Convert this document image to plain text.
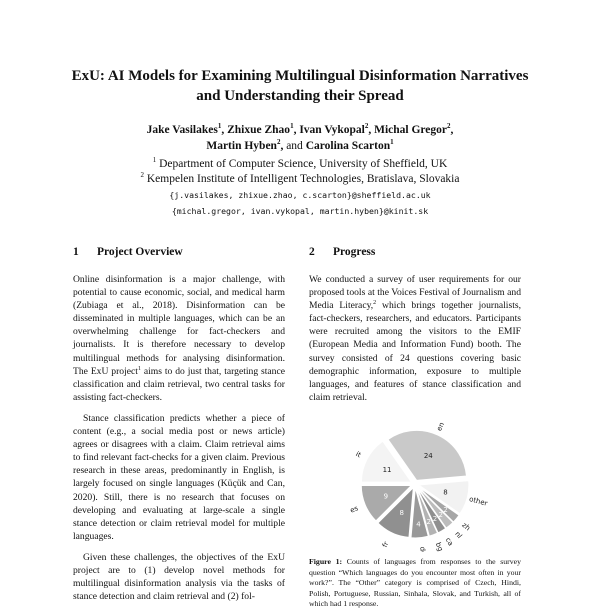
ExU: AI Models for Examining Multilingual Disinformation Narratives
and Understanding their Spread
Jake Vasilakes$^1$, Zhixue Zhao$^1$, Ivan Vykopal$^2$, Michal Gregor$^2$,
Martin Hyben$^2$, and Carolina Scarton$^1$
$^1$ Department of Computer Science, University of Sheffield, UK
$^2$ Kempelen Institute of Intelligent Technologies, Bratislava, Slovakia
{j.vasilakes, zhixue.zhao, c.scarton}@sheffield.ac.uk
{michal.gregor, ivan.vykopal, martin.hyben}@kinit.sk
1 Project Overview

Online disinformation is a major challenge, with potential to cause economic, social, and medical harm (Zubiaga et al., 2018). Disinformation can be disseminated in multiple languages, which can be an overwhelming challenge for fact-checkers and journalists. It is therefore necessary to develop multilingual methods for analysing disinformation. The ExU project$^1$ aims to do just that, targeting stance classification and claim retrieval, two central tasks for assisting fact-checkers.

Stance classification predicts whether a piece of content (e.g., a social media post or news article) agrees or disagrees with a claim. Claim retrieval aims to find relevant fact-checks for a given claim. Previous research in these areas, predominantly in English, is largely focused on single languages (Küçük and Can, 2020). Still, there is no research that focuses on developing and evaluating at large-scale a single stance detection or claim retrieval model for multiple languages.

Given these challenges, the objectives of the ExU project are to (1) develop novel methods for multilingual disinformation analysis via the tasks of stance detection and claim retrieval and (2) fol-

2 Progress

We conducted a survey of user requirements for our proposed tools at the Voices Festival of Journalism and Media Literacy,$^2$ which brings together journalists, fact-checkers, researchers, and educators. Participants were recruited among the visitors to the EMIF (European Media and Information Fund) booth. The survey consisted of 24 questions covering basic demographic information, exposure to multiple languages, and features of stance classification and claim retrieval.

24
8
2
2
2
2
4
8
9
11
en
other
zh
nl
ca
bg
de
fr
es
it
Figure 1: Counts of languages from responses to the survey question “Which languages do you encounter most often in your work?”. The “Other” category is comprised of Czech, Hindi, Polish, Portuguese, Russian, Sinhala, Slovak, and Turkish, all of which had 1 response.
